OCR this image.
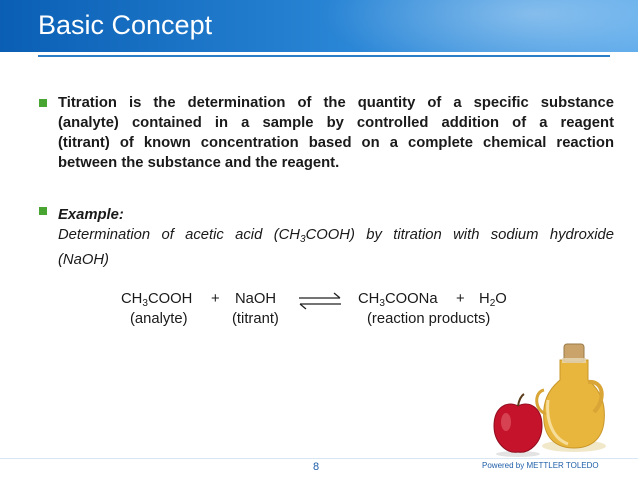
Basic Concept
Titration is the determination of the quantity of a specific substance
(analyte) contained in a sample by controlled addition of a reagent
(titrant) of known concentration based on a complete chemical reaction
between the substance and the reagent.
Example:
Determination of acetic acid $(CH_3COOH)$ by titration with sodium hydroxide
(NaOH)
$CH_3COOH$ + NaOH ⇌ $CH_3COONa + H_2O$
(analyte)	(titrant)	(reaction products)
8	Powered by METTLER TOLEDO
